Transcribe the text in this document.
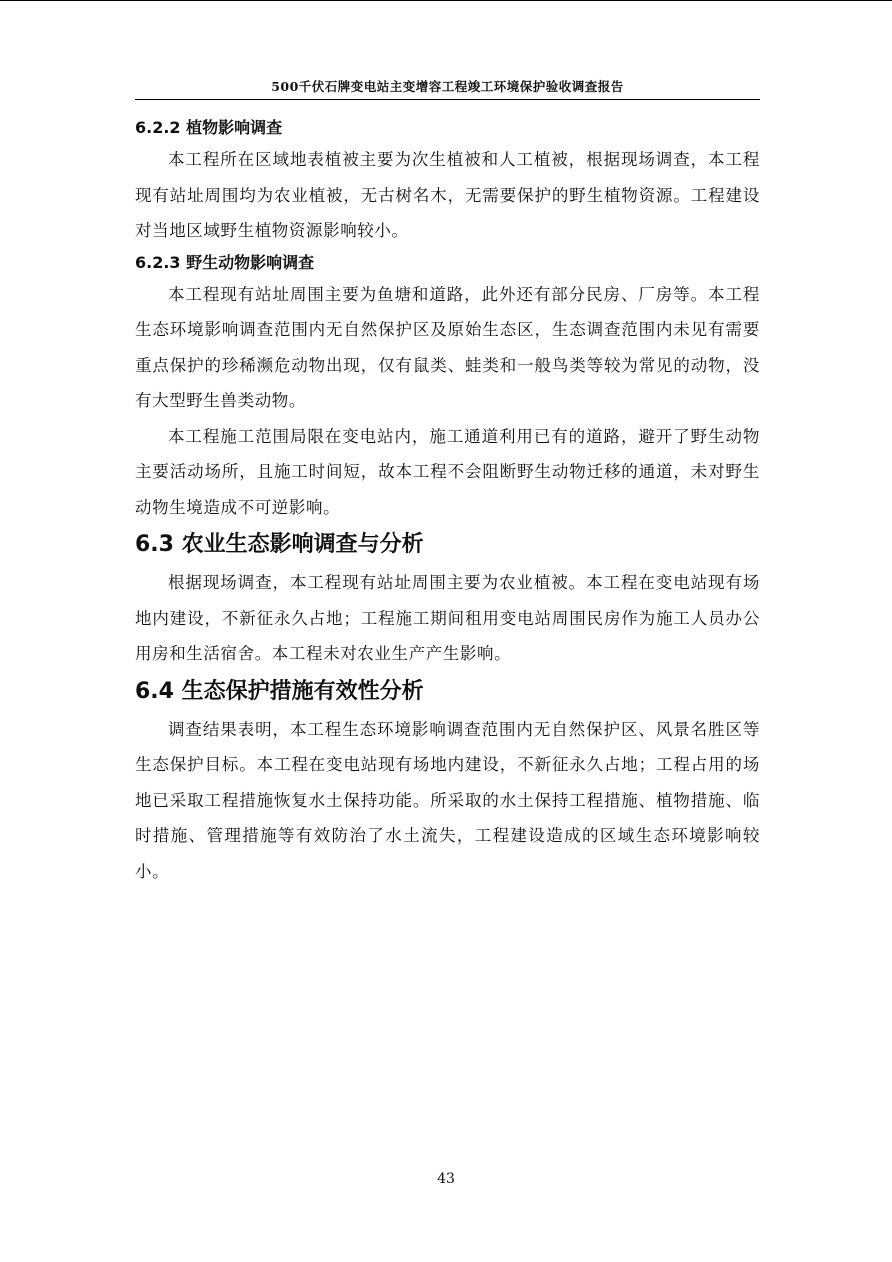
500千伏石牌变电站主变增容工程竣工环境保护验收调查报告
6.2.2 植物影响调查

本工程所在区域地表植被主要为次生植被和人工植被，根据现场调查，本工程现有站址周围均为农业植被，无古树名木，无需要保护的野生植物资源。工程建设对当地区域野生植物资源影响较小。

6.2.3 野生动物影响调查

本工程现有站址周围主要为鱼塘和道路，此外还有部分民房、厂房等。本工程生态环境影响调查范围内无自然保护区及原始生态区，生态调查范围内未见有需要重点保护的珍稀濒危动物出现，仅有鼠类、蛙类和一般鸟类等较为常见的动物，没有大型野生兽类动物。

本工程施工范围局限在变电站内，施工通道利用已有的道路，避开了野生动物主要活动场所，且施工时间短，故本工程不会阻断野生动物迁移的通道，未对野生动物生境造成不可逆影响。

6.3 农业生态影响调查与分析

根据现场调查，本工程现有站址周围主要为农业植被。本工程在变电站现有场地内建设，不新征永久占地；工程施工期间租用变电站周围民房作为施工人员办公用房和生活宿舍。本工程未对农业生产产生影响。

6.4 生态保护措施有效性分析

调查结果表明，本工程生态环境影响调查范围内无自然保护区、风景名胜区等生态保护目标。本工程在变电站现有场地内建设，不新征永久占地；工程占用的场地已采取工程措施恢复水土保持功能。所采取的水土保持工程措施、植物措施、临时措施、管理措施等有效防治了水土流失，工程建设造成的区域生态环境影响较小。

43
